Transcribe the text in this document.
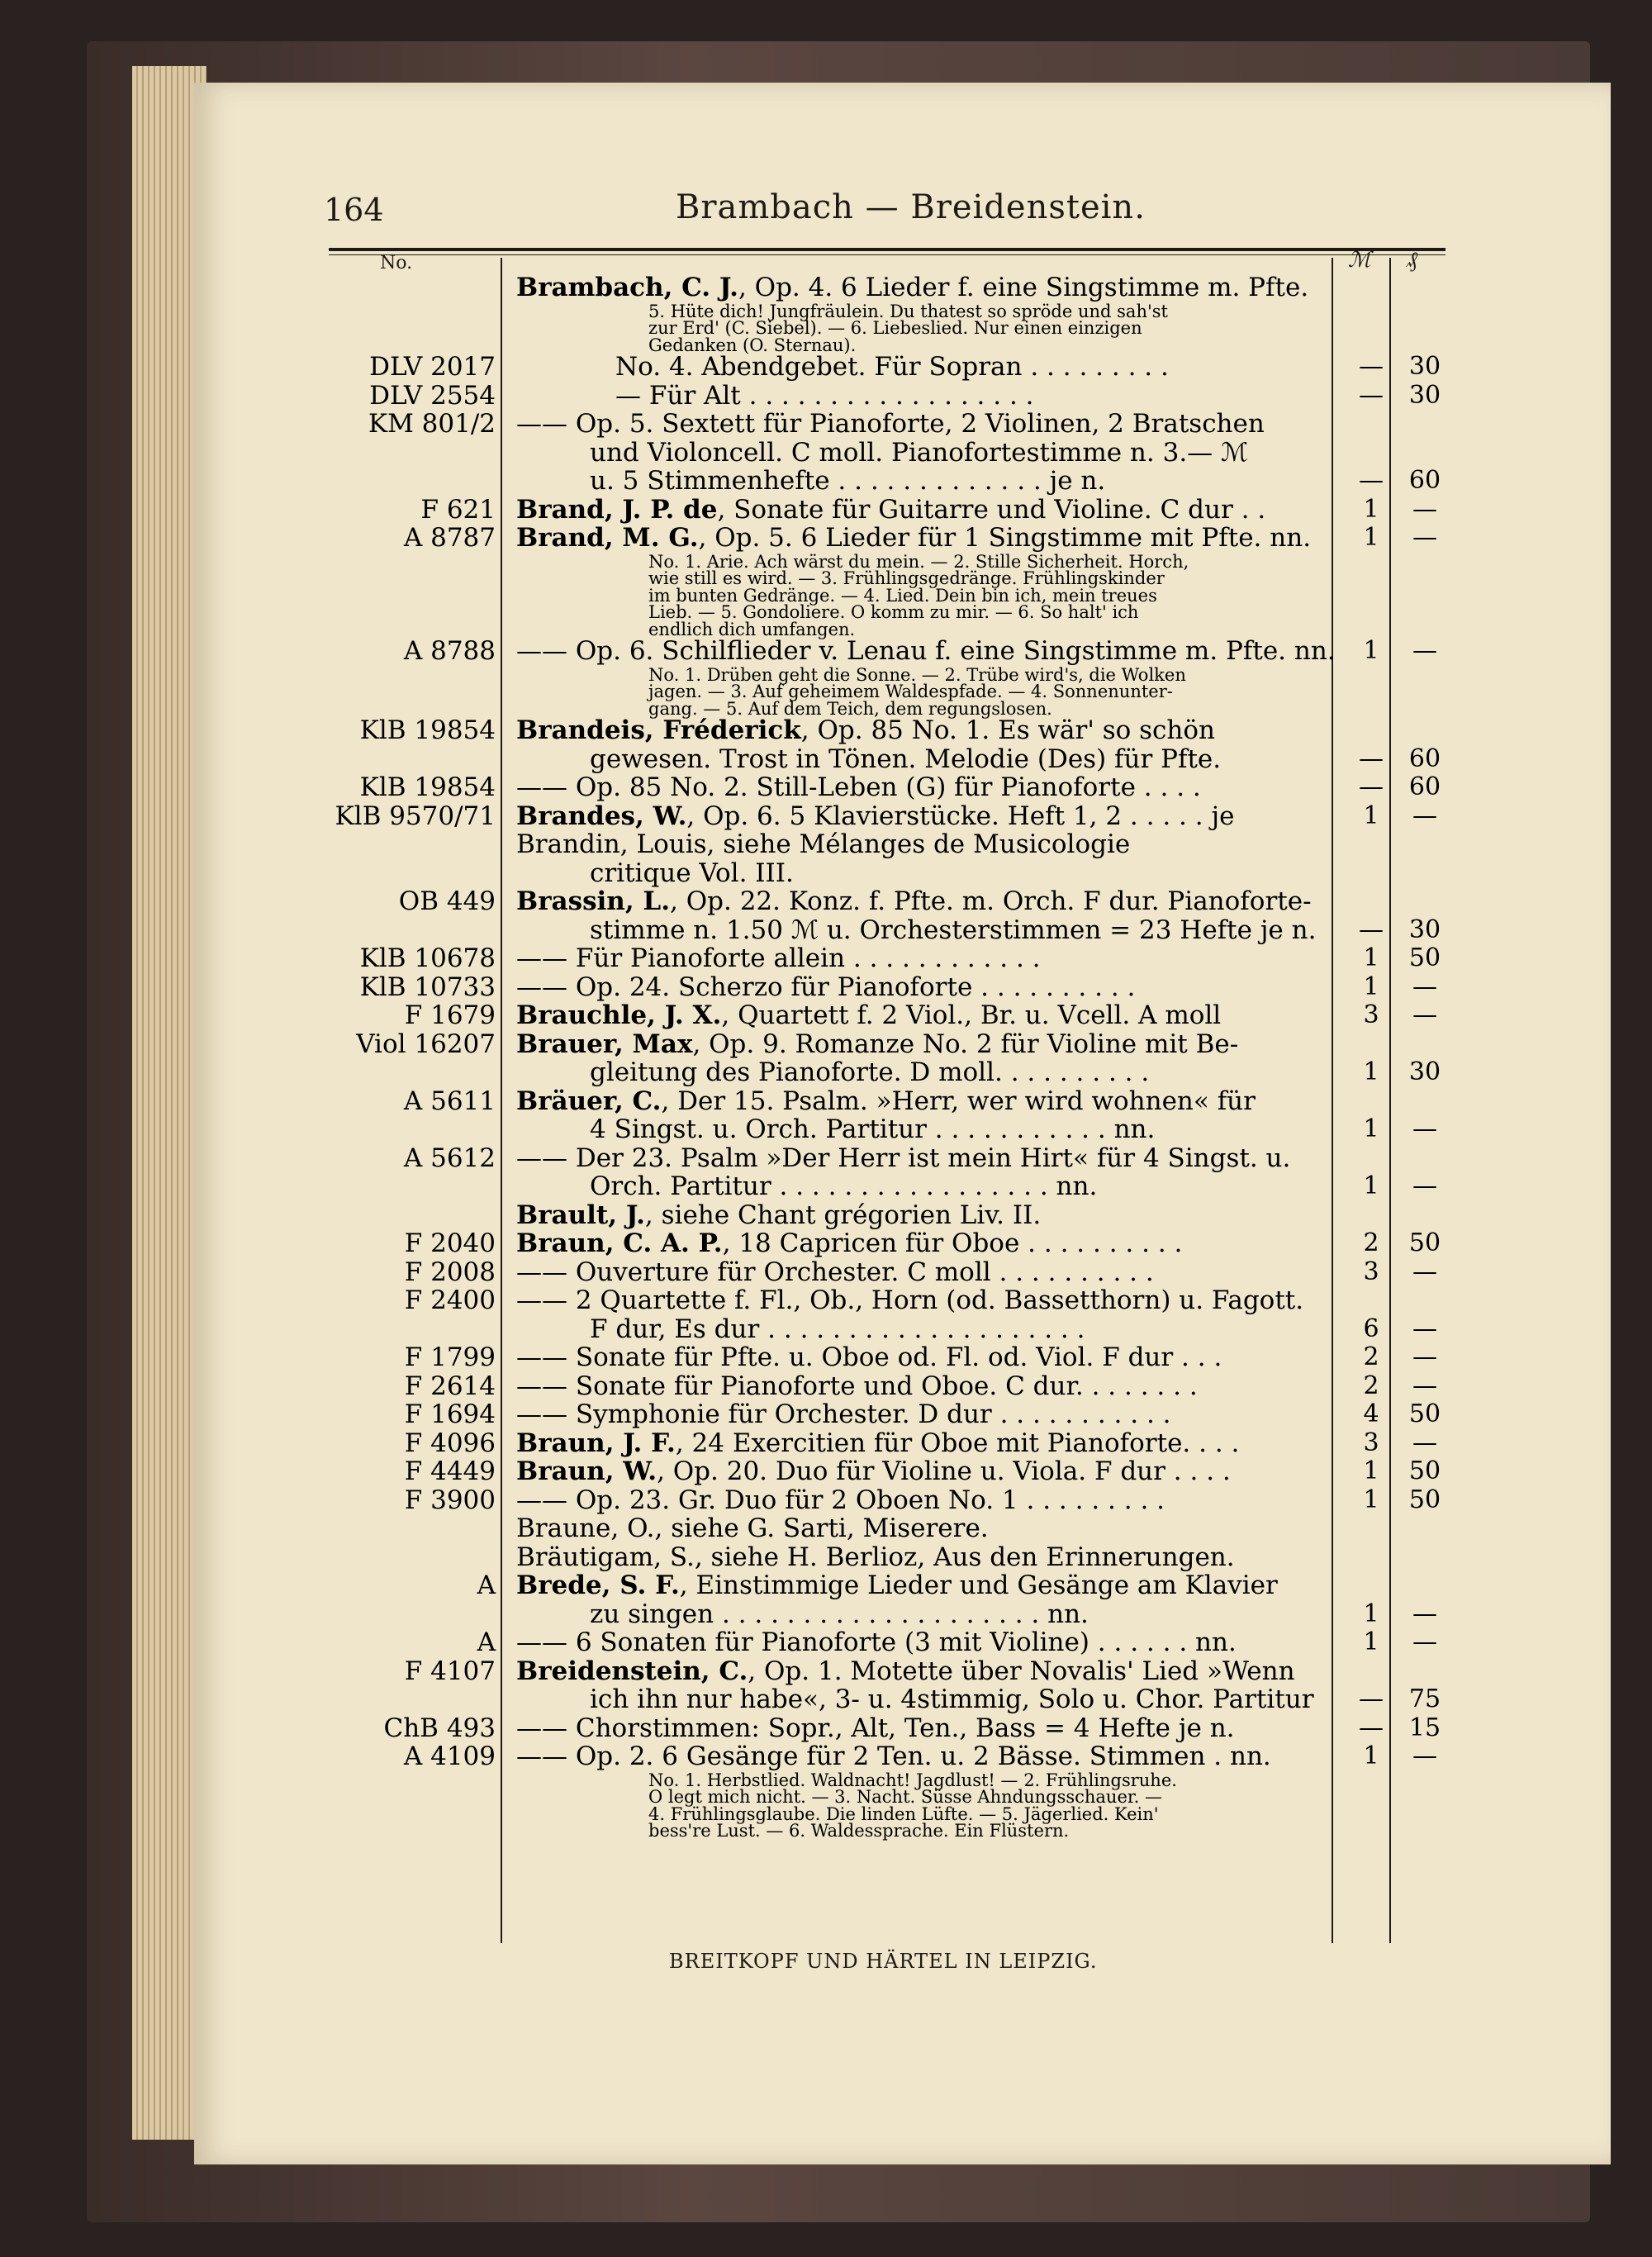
164	Brambach — Breidenstein.
No.	ℳ ₰
Brambach, C. J., Op. 4. 6 Lieder f. eine Singstimme m. Pfte.
5. Hüte dich! Jungfräulein. Du thatest so spröde und sah'st
zur Erd' (C. Siebel). — 6. Liebeslied. Nur einen einzigen
Gedanken (O. Sternau).
DLV 2017	No. 4. Abendgebet. Für Sopran . . . . . . . . .	— 30
DLV 2554	— Für Alt . . . . . . . . . . . . . . . . . .	— 30
KM 801/2 —— Op. 5. Sextett für Pianoforte, 2 Violinen, 2 Bratschen
und Violoncell. C moll. Pianofortestimme n. 3.— ℳ
u. 5 Stimmenhefte . . . . . . . . . . . . . je n.	— 60
F 621 Brand, J. P. de, Sonate für Guitarre und Violine. C dur . .	1	—
A 8787 Brand, M. G., Op. 5. 6 Lieder für 1 Singstimme mit Pfte. nn.	1	—
No. 1. Arie. Ach wärst du mein. — 2. Stille Sicherheit. Horch,
wie still es wird. — 3. Frühlingsgedränge. Frühlingskinder
im bunten Gedränge. — 4. Lied. Dein bin ich, mein treues
Lieb. — 5. Gondoliere. O komm zu mir. — 6. So halt' ich
endlich dich umfangen.
A 8788 —— Op. 6. Schilflieder v. Lenau f. eine Singstimme m. Pfte. nn.	1	—
No. 1. Drüben geht die Sonne. — 2. Trübe wird's, die Wolken
jagen. — 3. Auf geheimem Waldespfade. — 4. Sonnenunter-
gang. — 5. Auf dem Teich, dem regungslosen.
KlB 19854 Brandeis, Fréderick, Op. 85 No. 1. Es wär' so schön
gewesen. Trost in Tönen. Melodie (Des) für Pfte.	— 60
KlB 19854 —— Op. 85 No. 2. Still-Leben (G) für Pianoforte . . . .	— 60
KlB 9570/71 Brandes, W., Op. 6. 5 Klavierstücke. Heft 1, 2 . . . . . je	1	—
Brandin, Louis, siehe Mélanges de Musicologie
critique Vol. III.
OB 449 Brassin, L., Op. 22. Konz. f. Pfte. m. Orch. F dur. Pianoforte-
stimme n. 1.50 ℳ u. Orchesterstimmen = 23 Hefte je n. — 30
KlB 10678 —— Für Pianoforte allein . . . . . . . . . . . .	1	50
KlB 10733 —— Op. 24. Scherzo für Pianoforte . . . . . . . . . .	1	—
F 1679 Brauchle, J. X., Quartett f. 2 Viol., Br. u. Vcell. A moll	3	—
Viol 16207 Brauer, Max, Op. 9. Romanze No. 2 für Violine mit Be-
gleitung des Pianoforte. D moll. . . . . . . . . .	1	30
A 5611 Bräuer, C., Der 15. Psalm. »Herr, wer wird wohnen« für
4 Singst. u. Orch. Partitur . . . . . . . . . . . nn.	1	—
A 5612 —— Der 23. Psalm »Der Herr ist mein Hirt« für 4 Singst. u.
Orch. Partitur . . . . . . . . . . . . . . . . . nn.	1	—
Brault, J., siehe Chant grégorien Liv. II.
F 2040 Braun, C. A. P., 18 Capricen für Oboe . . . . . . . . . .	2	50
F 2008 —— Ouverture für Orchester. C moll . . . . . . . . . .	3	—
F 2400 —— 2 Quartette f. Fl., Ob., Horn (od. Bassetthorn) u. Fagott.
F dur, Es dur . . . . . . . . . . . . . . . . . . . .	6	—
F 1799 —— Sonate für Pfte. u. Oboe od. Fl. od. Viol. F dur . . .	2	—
F 2614 —— Sonate für Pianoforte und Oboe. C dur. . . . . . . .	2	—
F 1694 —— Symphonie für Orchester. D dur . . . . . . . . . . .	4	50
F 4096 Braun, J. F., 24 Exercitien für Oboe mit Pianoforte. . . .	3	—
F 4449 Braun, W., Op. 20. Duo für Violine u. Viola. F dur . . . .	1	50
F 3900 —— Op. 23. Gr. Duo für 2 Oboen No. 1 . . . . . . . . .	1	50
Braune, O., siehe G. Sarti, Miserere.
Bräutigam, S., siehe H. Berlioz, Aus den Erinnerungen.
A Brede, S. F., Einstimmige Lieder und Gesänge am Klavier
zu singen . . . . . . . . . . . . . . . . . . . . nn.	1	—
A —— 6 Sonaten für Pianoforte (3 mit Violine) . . . . . . nn.	1	—
F 4107 Breidenstein, C., Op. 1. Motette über Novalis' Lied »Wenn
ich ihn nur habe«, 3- u. 4stimmig, Solo u. Chor. Partitur — 75
ChB 493 —— Chorstimmen: Sopr., Alt, Ten., Bass = 4 Hefte je n.	— 15
A 4109 —— Op. 2. 6 Gesänge für 2 Ten. u. 2 Bässe. Stimmen . nn.	1	—
No. 1. Herbstlied. Waldnacht! Jagdlust! — 2. Frühlingsruhe.
O legt mich nicht. — 3. Nacht. Süsse Ahndungsschauer. —
4. Frühlingsglaube. Die linden Lüfte. — 5. Jägerlied. Kein'
bess're Lust. — 6. Waldessprache. Ein Flüstern.
BREITKOPF UND HÄRTEL IN LEIPZIG.
